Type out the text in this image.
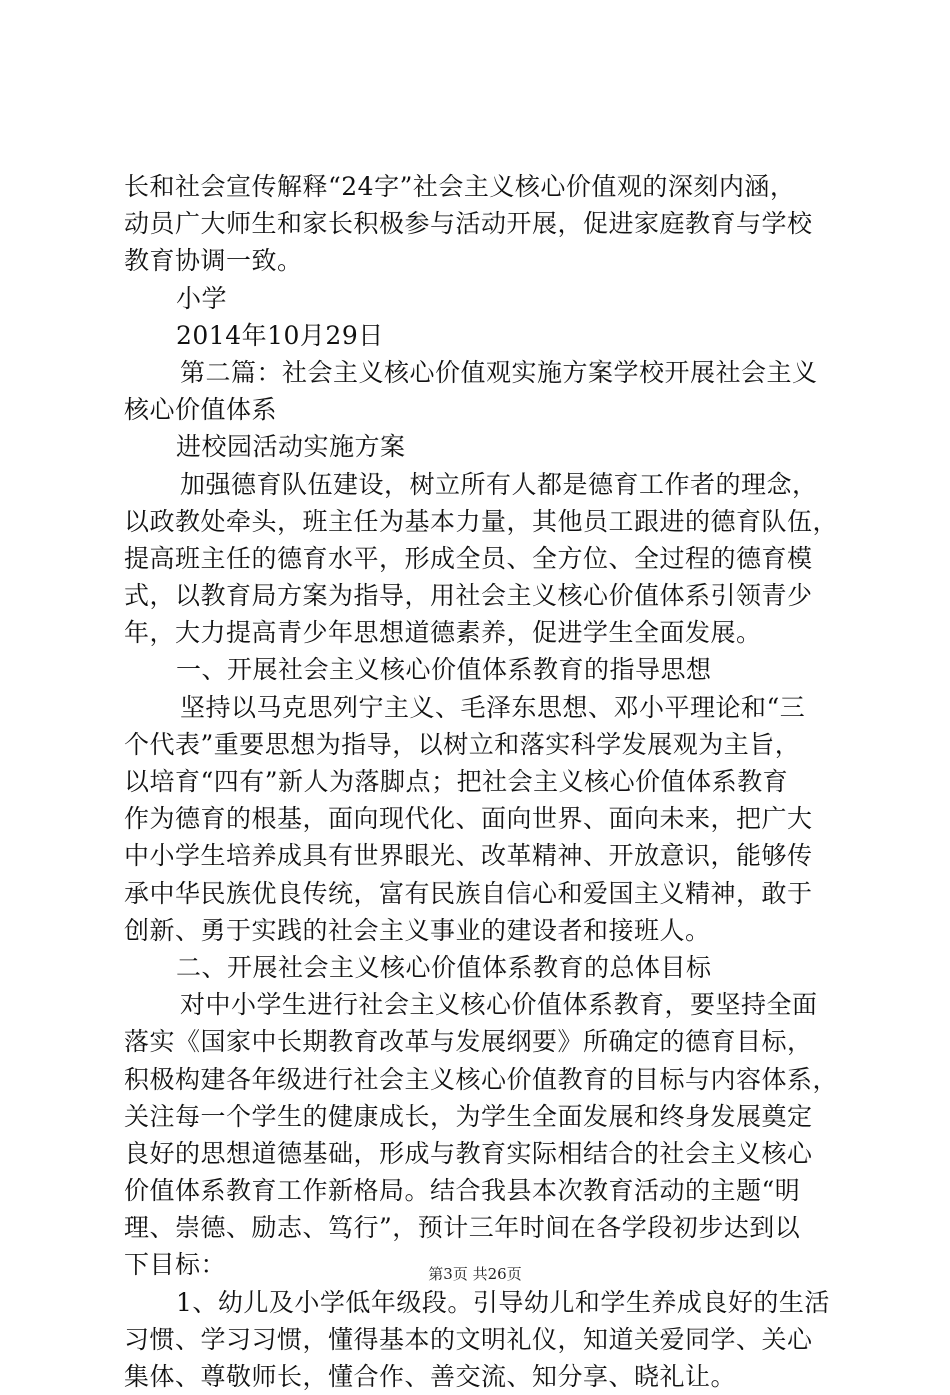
长和社会宣传解释“24字”社会主义核心价值观的深刻内涵，
动员广大师生和家长积极参与活动开展，促进家庭教育与学校
教育协调一致。
小学
2014年10月29日
第二篇：社会主义核心价值观实施方案学校开展社会主义
核心价值体系
进校园活动实施方案
加强德育队伍建设，树立所有人都是德育工作者的理念，
以政教处牵头，班主任为基本力量，其他员工跟进的德育队伍，
提高班主任的德育水平，形成全员、全方位、全过程的德育模
式，以教育局方案为指导，用社会主义核心价值体系引领青少
年，大力提高青少年思想道德素养，促进学生全面发展。
一、开展社会主义核心价值体系教育的指导思想
坚持以马克思列宁主义、毛泽东思想、邓小平理论和“三
个代表”重要思想为指导，以树立和落实科学发展观为主旨，
以培育“四有”新人为落脚点；把社会主义核心价值体系教育
作为德育的根基，面向现代化、面向世界、面向未来，把广大
中小学生培养成具有世界眼光、改革精神、开放意识，能够传
承中华民族优良传统，富有民族自信心和爱国主义精神，敢于
创新、勇于实践的社会主义事业的建设者和接班人。
二、开展社会主义核心价值体系教育的总体目标
对中小学生进行社会主义核心价值体系教育，要坚持全面
落实《国家中长期教育改革与发展纲要》所确定的德育目标，
积极构建各年级进行社会主义核心价值教育的目标与内容体系，
关注每一个学生的健康成长，为学生全面发展和终身发展奠定
良好的思想道德基础，形成与教育实际相结合的社会主义核心
价值体系教育工作新格局。结合我县本次教育活动的主题“明
理、崇德、励志、笃行”，预计三年时间在各学段初步达到以
下目标：
1、幼儿及小学低年级段。引导幼儿和学生养成良好的生活
习惯、学习习惯，懂得基本的文明礼仪，知道关爱同学、关心
集体、尊敬师长，懂合作、善交流、知分享、晓礼让。
第3页 共26页
